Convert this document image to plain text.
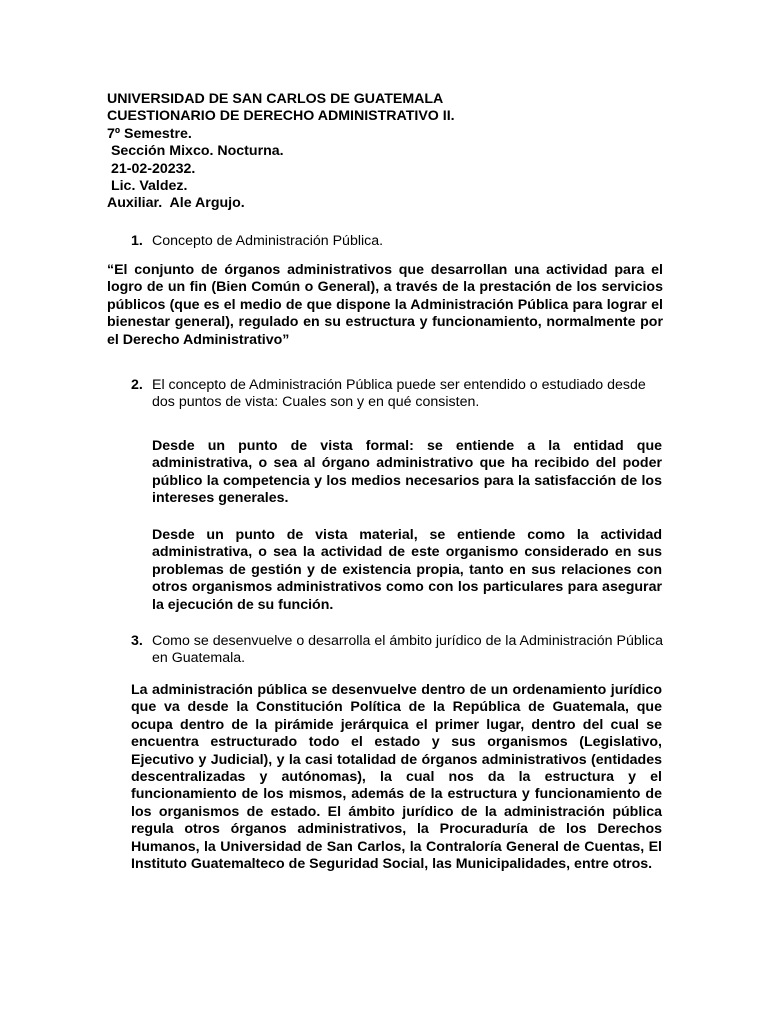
UNIVERSIDAD DE SAN CARLOS DE GUATEMALA
CUESTIONARIO DE DERECHO ADMINISTRATIVO II.
7º Semestre.
Sección Mixco. Nocturna.
21-02-20232.
Lic. Valdez.
Auxiliar.  Ale Argujo.
1. Concepto de Administración Pública.

“El conjunto de órganos administrativos que desarrollan una actividad para el logro de un fin (Bien Común o General), a través de la prestación de los servicios públicos (que es el medio de que dispone la Administración Pública para lograr el bienestar general), regulado en su estructura y funcionamiento, normalmente por el Derecho Administrativo”

2. El concepto de Administración Pública puede ser entendido o estudiado desde dos puntos de vista: Cuales son y en qué consisten.

Desde un punto de vista formal: se entiende a la entidad que administrativa, o sea al órgano administrativo que ha recibido del poder público la competencia y los medios necesarios para la satisfacción de los intereses generales.

Desde un punto de vista material, se entiende como la actividad administrativa, o sea la actividad de este organismo considerado en sus problemas de gestión y de existencia propia, tanto en sus relaciones con otros organismos administrativos como con los particulares para asegurar la ejecución de su función.

3. Como se desenvuelve o desarrolla el ámbito jurídico de la Administración Pública en Guatemala.

La administración pública se desenvuelve dentro de un ordenamiento jurídico que va desde la Constitución Política de la República de Guatemala, que ocupa dentro de la pirámide jerárquica el primer lugar, dentro del cual se encuentra estructurado todo el estado y sus organismos (Legislativo, Ejecutivo y Judicial), y la casi totalidad de órganos administrativos (entidades descentralizadas y autónomas), la cual nos da la estructura y el funcionamiento de los mismos, además de la estructura y funcionamiento de los organismos de estado. El ámbito jurídico de la administración pública regula otros órganos administrativos, la Procuraduría de los Derechos Humanos, la Universidad de San Carlos, la Contraloría General de Cuentas, El Instituto Guatemalteco de Seguridad Social, las Municipalidades, entre otros.
